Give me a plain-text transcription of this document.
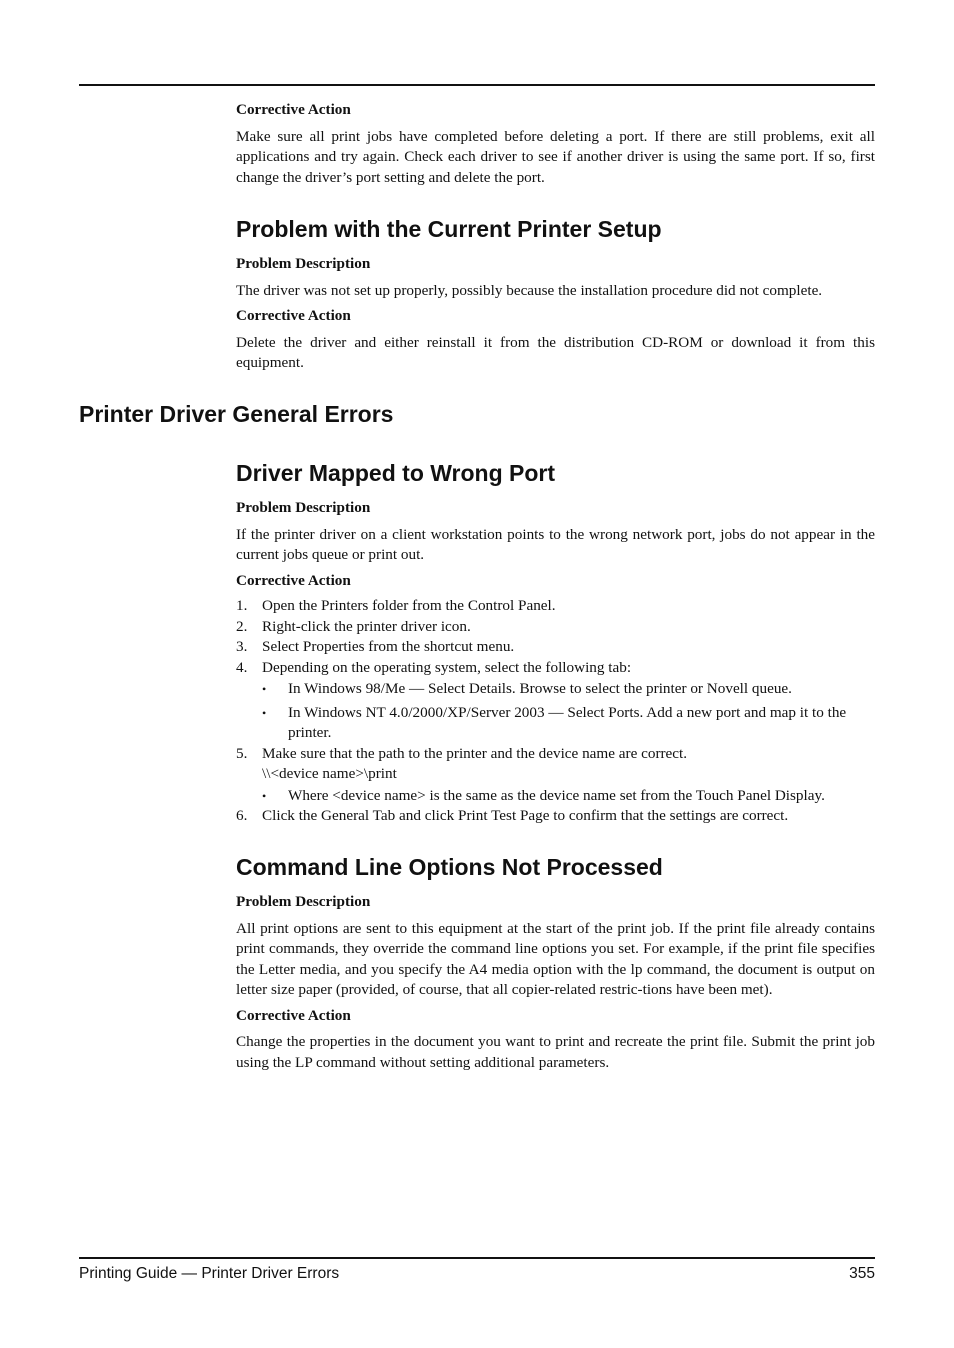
Corrective Action

Make sure all print jobs have completed before deleting a port. If there are still problems, exit all applications and try again. Check each driver to see if another driver is using the same port. If so, first change the driver’s port setting and delete the port.

Problem with the Current Printer Setup

Problem Description

The driver was not set up properly, possibly because the installation procedure did not complete.

Corrective Action

Delete the driver and either reinstall it from the distribution CD-ROM or download it from this equipment.

Printer Driver General Errors
Driver Mapped to Wrong Port

Problem Description

If the printer driver on a client workstation points to the wrong network port, jobs do not appear in the current jobs queue or print out.

Corrective Action

1. Open the Printers folder from the Control Panel.
2. Right-click the printer driver icon.
3. Select Properties from the shortcut menu.
4. Depending on the operating system, select the following tab:
• In Windows 98/Me — Select Details. Browse to select the printer or Novell queue.
• In Windows NT 4.0/2000/XP/Server 2003 — Select Ports. Add a new port and map it to the printer.
5. Make sure that the path to the printer and the device name are correct.
\\<device name>\print
• Where <device name> is the same as the device name set from the Touch Panel Display.
6. Click the General Tab and click Print Test Page to confirm that the settings are correct.
Command Line Options Not Processed

Problem Description

All print options are sent to this equipment at the start of the print job. If the print file already contains print commands, they override the command line options you set. For example, if the print file specifies the Letter media, and you specify the A4 media option with the lp command, the document is output on letter size paper (provided, of course, that all copier-related restric-tions have been met).

Corrective Action

Change the properties in the document you want to print and recreate the print file. Submit the print job using the LP command without setting additional parameters.

Printing Guide — Printer Driver Errors	355
